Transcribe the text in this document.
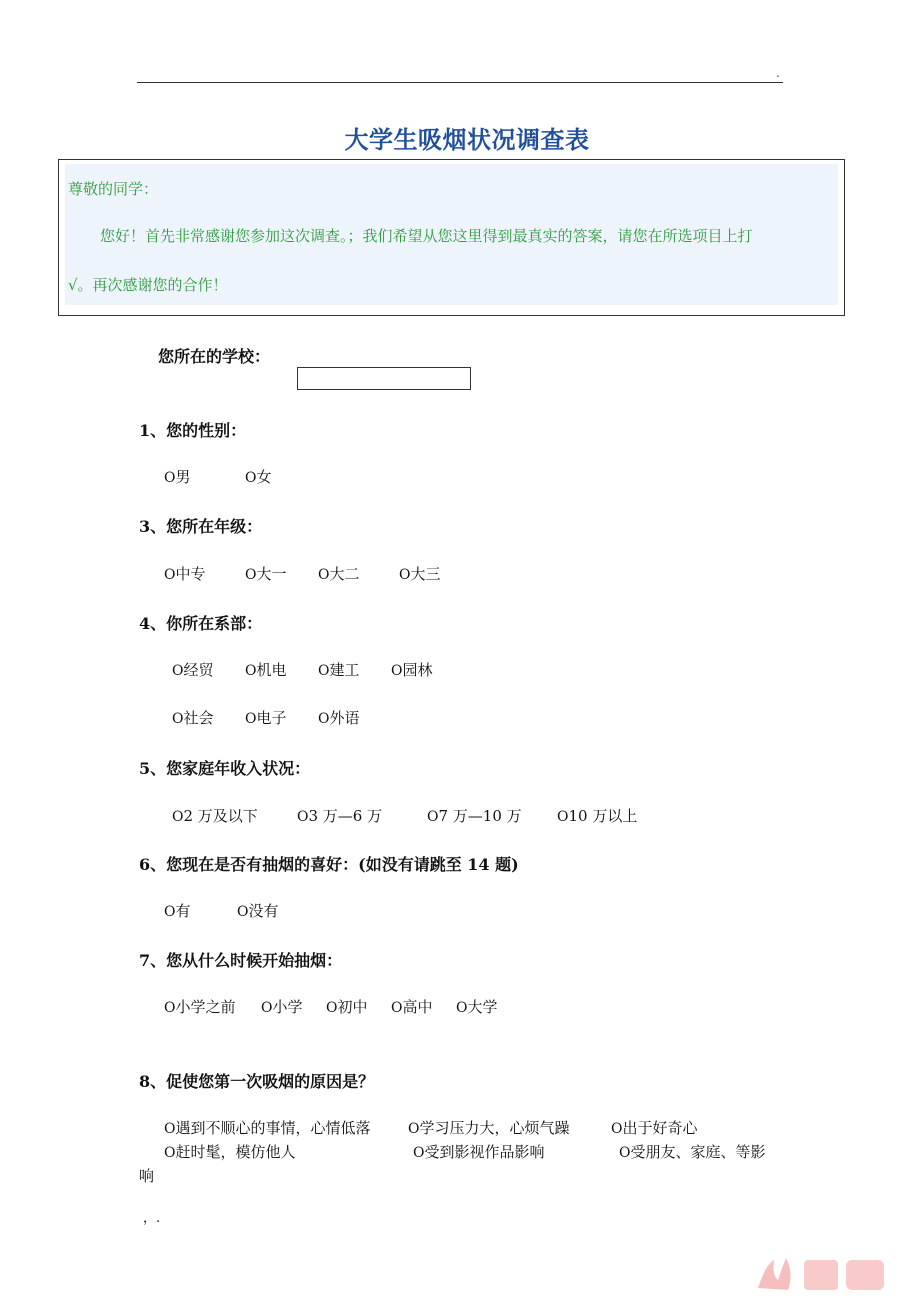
.
大学生吸烟状况调查表
尊敬的同学：
您好！首先非常感谢您参加这次调查。；我们希望从您这里得到最真实的答案，请您在所选项目上打
√。再次感谢您的合作！
您所在的学校：
1、您的性别：
O男	O女
3、您所在年级：
O中专	O大一 O大二	O大三
4、你所在系部：
O经贸 O机电 O建工 O园林
O社会 O电子 O外语
5、您家庭年收入状况：
O2 万及以下	O3 万—6 万	O7 万—10 万	O10 万以上
6、您现在是否有抽烟的喜好：(如没有请跳至 14 题)
O有	O没有
7、您从什么时候开始抽烟：
O小学之前 O小学 O初中 O高中 O大学
8、促使您第一次吸烟的原因是？
O遇到不顺心的事情，心情低落	O学习压力大，心烦气躁	O出于好奇心
O赶时髦，模仿他人	O受到影视作品影响	O受朋友、家庭、等影
响
，.
